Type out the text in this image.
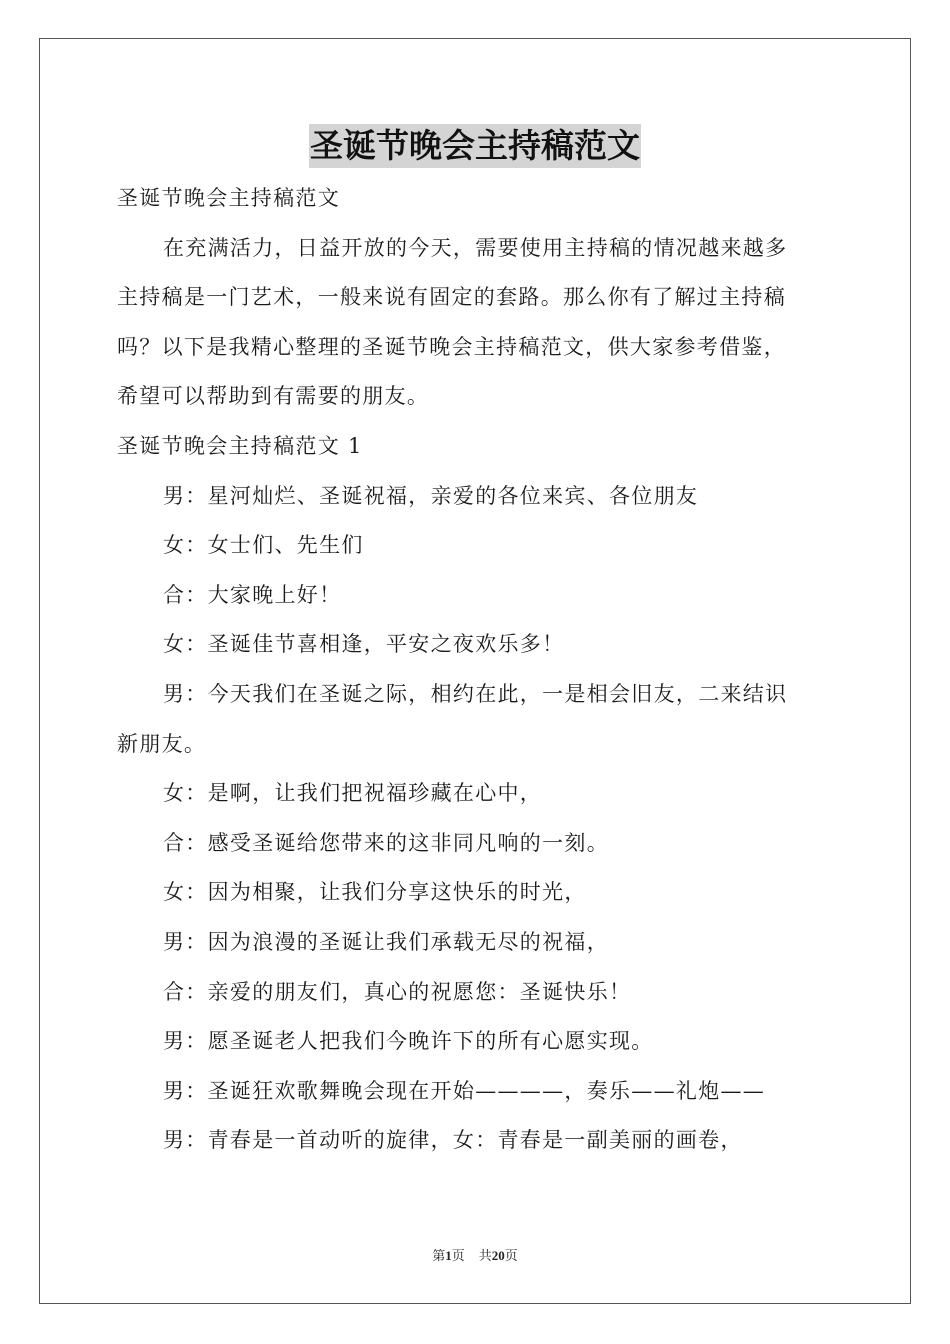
圣诞节晚会主持稿范文

圣诞节晚会主持稿范文

在充满活力，日益开放的今天，需要使用主持稿的情况越来越多

主持稿是一门艺术，一般来说有固定的套路。那么你有了解过主持稿

吗？以下是我精心整理的圣诞节晚会主持稿范文，供大家参考借鉴，

希望可以帮助到有需要的朋友。

圣诞节晚会主持稿范文 1

男：星河灿烂、圣诞祝福，亲爱的各位来宾、各位朋友

女：女士们、先生们

合：大家晚上好！

女：圣诞佳节喜相逢，平安之夜欢乐多！

男：今天我们在圣诞之际，相约在此，一是相会旧友，二来结识

新朋友。

女：是啊，让我们把祝福珍藏在心中，

合：感受圣诞给您带来的这非同凡响的一刻。

女：因为相聚，让我们分享这快乐的时光，

男：因为浪漫的圣诞让我们承载无尽的祝福，

合：亲爱的朋友们，真心的祝愿您：圣诞快乐！

男：愿圣诞老人把我们今晚许下的所有心愿实现。

男：圣诞狂欢歌舞晚会现在开始————，奏乐——礼炮——

男：青春是一首动听的旋律，女：青春是一副美丽的画卷，

第1页 共20页
